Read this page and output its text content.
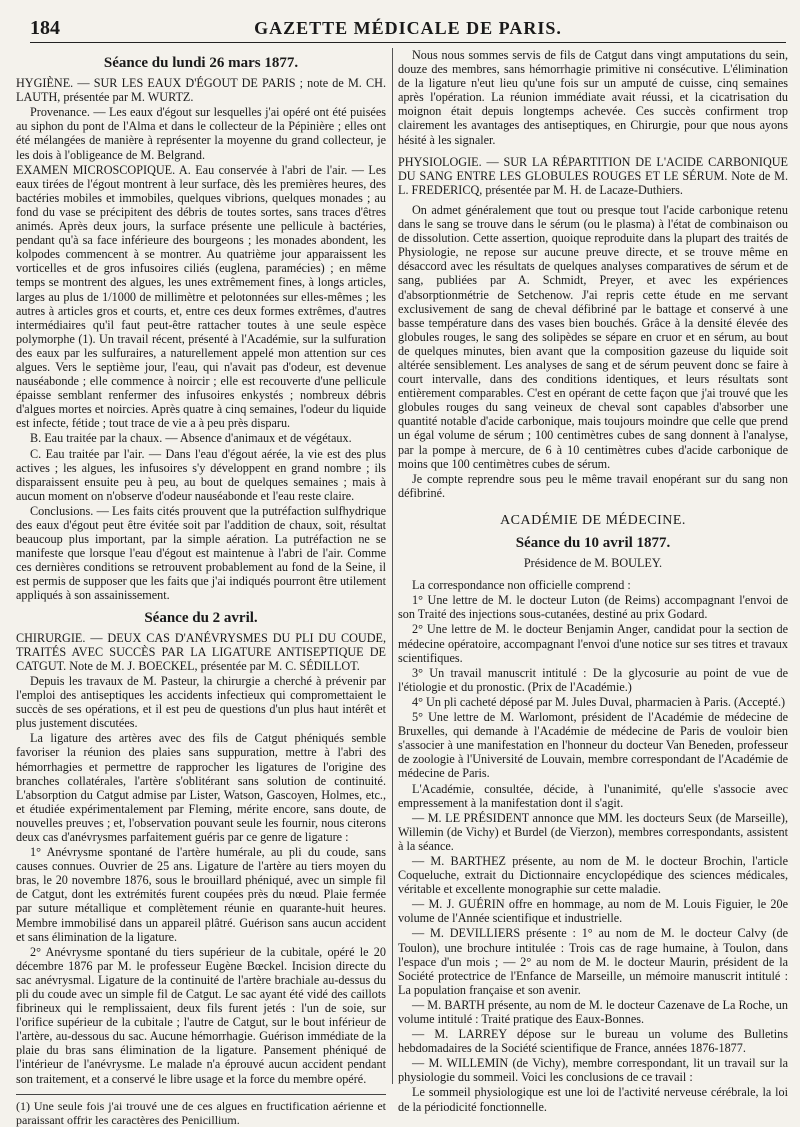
184	GAZETTE MÉDICALE DE PARIS.
Séance du lundi 26 mars 1877.

HYGIÈNE. — SUR LES EAUX D'ÉGOUT DE PARIS ; note de M. CH. LAUTH, présentée par M. WURTZ.

Provenance. — Les eaux d'égout sur lesquelles j'ai opéré ont été puisées au siphon du pont de l'Alma et dans le collecteur de la Pépinière ; elles ont été mélangées de manière à représenter la moyenne du grand collecteur, je les dois à l'obligeance de M. Belgrand.

EXAMEN MICROSCOPIQUE. A. Eau conservée à l'abri de l'air. — Les eaux tirées de l'égout montrent à leur surface, dès les premières heures, des bactéries mobiles et immobiles, quelques vibrions, quelques monades ; au fond du vase se précipitent des débris de toutes sortes, sans traces d'êtres animés. Après deux jours, la surface présente une pellicule à bactéries, pendant qu'à sa face inférieure des bourgeons ; les monades abondent, les kolpodes commencent à se montrer. Au quatrième jour apparaissent les vorticelles et de gros infusoires ciliés (euglena, paramécies) ; en même temps se montrent des algues, les unes extrêmement fines, à longs articles, larges au plus de 1/1000 de millimètre et pelotonnées sur elles-mêmes ; les autres à articles gros et courts, et, entre ces deux formes extrêmes, d'autres intermédiaires qu'il faut peut-être rattacher toutes à une seule espèce polymorphe (1). Un travail récent, présenté à l'Académie, sur la sulfuration des eaux par les sulfuraires, a naturellement appelé mon attention sur ces algues. Vers le septième jour, l'eau, qui n'avait pas d'odeur, est devenue nauséabonde ; elle commence à noircir ; elle est recouverte d'une pellicule épaisse semblant renfermer des infusoires enkystés ; nombreux débris d'algues mortes et noircies. Après quatre à cinq semaines, l'odeur du liquide est infecte, fétide ; tout trace de vie a à peu près disparu.

B. Eau traitée par la chaux. — Absence d'animaux et de végétaux.

C. Eau traitée par l'air. — Dans l'eau d'égout aérée, la vie est des plus actives ; les algues, les infusoires s'y développent en grand nombre ; ils disparaissent ensuite peu à peu, au bout de quelques semaines ; mais à aucun moment on n'observe d'odeur nauséabonde et l'eau reste claire.

Conclusions. — Les faits cités prouvent que la putréfaction sulfhydrique des eaux d'égout peut être évitée soit par l'addition de chaux, soit, résultat beaucoup plus important, par la simple aération. La putréfaction ne se manifeste que lorsque l'eau d'égout est maintenue à l'abri de l'air. Comme ces dernières conditions se retrouvent probablement au fond de la Seine, il est permis de supposer que les faits que j'ai indiqués pourront être utilement appliqués à son assainissement.

Séance du 2 avril.

CHIRURGIE. — DEUX CAS D'ANÉVRYSMES DU PLI DU COUDE, TRAITÉS AVEC SUCCÈS PAR LA LIGATURE ANTISEPTIQUE DE CATGUT. Note de M. J. BOECKEL, présentée par M. C. SÉDILLOT.

Depuis les travaux de M. Pasteur, la chirurgie a cherché à prévenir par l'emploi des antiseptiques les accidents infectieux qui compromettaient le succès de ses opérations, et il est peu de questions d'un plus haut intérêt et plus justement discutées.

La ligature des artères avec des fils de Catgut phéniqués semble favoriser la réunion des plaies sans suppuration, mettre à l'abri des hémorrhagies et permettre de rapprocher les ligatures de l'origine des branches collatérales, l'artère s'oblitérant sans solution de continuité. L'absorption du Catgut admise par Lister, Watson, Gascoyen, Holmes, etc., et étudiée expérimentalement par Fleming, mérite encore, sans doute, de nouvelles preuves ; et, l'observation pouvant seule les fournir, nous citerons deux cas d'anévrysmes parfaitement guéris par ce genre de ligature :

1° Anévrysme spontané de l'artère humérale, au pli du coude, sans causes connues. Ouvrier de 25 ans. Ligature de l'artère au tiers moyen du bras, le 20 novembre 1876, sous le brouillard phéniqué, avec un simple fil de Catgut, dont les extrémités furent coupées près du nœud. Plaie fermée par suture métallique et complètement réunie en quarante-huit heures. Membre immobilisé dans un appareil plâtré. Guérison sans aucun accident et sans élimination de la ligature.

2° Anévrysme spontané du tiers supérieur de la cubitale, opéré le 20 décembre 1876 par M. le professeur Eugène Bœckel. Incision directe du sac anévrysmal. Ligature de la continuité de l'artère brachiale au-dessus du pli du coude avec un simple fil de Catgut. Le sac ayant été vidé des caillots fibrineux qui le remplissaient, deux fils furent jetés : l'un de soie, sur l'orifice supérieur de la cubitale ; l'autre de Catgut, sur le bout inférieur de l'artère, au-dessous du sac. Aucune hémorrhagie. Guérison immédiate de la plaie du bras sans élimination de la ligature. Pansement phéniqué de l'intérieur de l'anévrysme. Le malade n'a éprouvé aucun accident pendant son traitement, et a conservé le libre usage et la force du membre opéré.

(1) Une seule fois j'ai trouvé une de ces algues en fructification aérienne et paraissant offrir les caractères des Penicillium.

Nous nous sommes servis de fils de Catgut dans vingt amputations du sein, douze des membres, sans hémorrhagie primitive ni consécutive. L'élimination de la ligature n'eut lieu qu'une fois sur un amputé de cuisse, cinq semaines après l'opération. La réunion immédiate avait réussi, et la cicatrisation du moignon était depuis longtemps achevée. Ces succès confirment trop clairement les avantages des antiseptiques, en Chirurgie, pour que nous ayons hésité à les signaler.

PHYSIOLOGIE. — SUR LA RÉPARTITION DE L'ACIDE CARBONIQUE DU SANG ENTRE LES GLOBULES ROUGES ET LE SÉRUM. Note de M. L. FREDERICQ, présentée par M. H. de Lacaze-Duthiers.

On admet généralement que tout ou presque tout l'acide carbonique retenu dans le sang se trouve dans le sérum (ou le plasma) à l'état de combinaison ou de dissolution. Cette assertion, quoique reproduite dans la plupart des traités de Physiologie, ne repose sur aucune preuve directe, et se trouve même en désaccord avec les résultats de quelques analyses comparatives de sérum et de sang, publiées par A. Schmidt, Preyer, et avec les expériences d'absorptionmétrie de Setchenow. J'ai repris cette étude en me servant exclusivement de sang de cheval défibriné par le battage et conservé à une basse température dans des vases bien bouchés. Grâce à la densité élevée des globules rouges, le sang des solipèdes se sépare en cruor et en sérum, au bout de quelques minutes, bien avant que la composition gazeuse du liquide soit altérée sensiblement. Les analyses de sang et de sérum peuvent donc se faire à court intervalle, dans des conditions identiques, et leurs résultats sont entièrement comparables. C'est en opérant de cette façon que j'ai trouvé que les globules rouges du sang veineux de cheval sont capables d'absorber une quantité notable d'acide carbonique, mais toujours moindre que celle que prend un égal volume de sérum ; 100 centimètres cubes de sang donnent à l'analyse, par la pompe à mercure, de 6 à 10 centimètres cubes d'acide carbonique de moins que 100 centimètres cubes de sérum.

Je compte reprendre sous peu le même travail enopérant sur du sang non défibriné.

ACADÉMIE DE MÉDECINE.
Séance du 10 avril 1877.
Présidence de M. BOULEY.

La correspondance non officielle comprend :

1° Une lettre de M. le docteur Luton (de Reims) accompagnant l'envoi de son Traité des injections sous-cutanées, destiné au prix Godard.

2° Une lettre de M. le docteur Benjamin Anger, candidat pour la section de médecine opératoire, accompagnant l'envoi d'une notice sur ses titres et travaux scientifiques.

3° Un travail manuscrit intitulé : De la glycosurie au point de vue de l'étiologie et du pronostic. (Prix de l'Académie.)

4° Un pli cacheté déposé par M. Jules Duval, pharmacien à Paris. (Accepté.)

5° Une lettre de M. Warlomont, président de l'Académie de médecine de Bruxelles, qui demande à l'Académie de médecine de Paris de vouloir bien s'associer à une manifestation en l'honneur du docteur Van Beneden, professeur de zoologie à l'Université de Louvain, membre correspondant de l'Académie de médecine de Paris.

L'Académie, consultée, décide, à l'unanimité, qu'elle s'associe avec empressement à la manifestation dont il s'agit.

— M. LE PRÉSIDENT annonce que MM. les docteurs Seux (de Marseille), Willemin (de Vichy) et Burdel (de Vierzon), membres correspondants, assistent à la séance.

— M. BARTHEZ présente, au nom de M. le docteur Brochin, l'article Coqueluche, extrait du Dictionnaire encyclopédique des sciences médicales, véritable et excellente monographie sur cette maladie.

— M. J. GUÉRIN offre en hommage, au nom de M. Louis Figuier, le 20e volume de l'Année scientifique et industrielle.

— M. DEVILLIERS présente : 1° au nom de M. le docteur Calvy (de Toulon), une brochure intitulée : Trois cas de rage humaine, à Toulon, dans l'espace d'un mois ; — 2° au nom de M. le docteur Maurin, président de la Société protectrice de l'Enfance de Marseille, un mémoire manuscrit intitulé : La population française et son avenir.

— M. BARTH présente, au nom de M. le docteur Cazenave de La Roche, un volume intitulé : Traité pratique des Eaux-Bonnes.

— M. LARREY dépose sur le bureau un volume des Bulletins hebdomadaires de la Société scientifique de France, années 1876-1877.

— M. WILLEMIN (de Vichy), membre correspondant, lit un travail sur la physiologie du sommeil. Voici les conclusions de ce travail :

Le sommeil physiologique est une loi de l'activité nerveuse cérébrale, la loi de la périodicité fonctionnelle.
